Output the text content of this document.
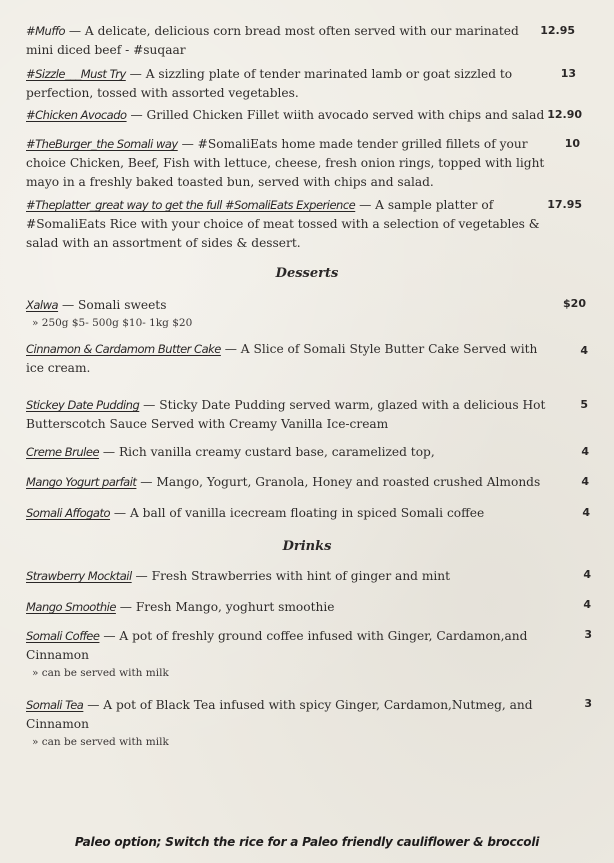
#Muffo — A delicate, delicious corn bread most often served with our marinated mini diced beef - #suqaar
12.95
#Sizzle___Must Try — A sizzling plate of tender marinated lamb or goat sizzled to perfection, tossed with assorted vegetables.
13
#Chicken Avocado — Grilled Chicken Fillet wiith avocado served with chips and salad 12.90
#TheBurger_the Somali way — #SomaliEats home made tender grilled fillets of your choice Chicken, Beef, Fish with lettuce, cheese, fresh onion rings, topped with light mayo in a freshly baked toasted bun, served with chips and salad.
10
#Theplatter_great way to get the full #SomaliEats Experience — A sample platter of #SomaliEats Rice with your choice of meat tossed with a selection of vegetables & salad with an assortment of sides & dessert.
17.95
Desserts
Xalwa — Somali sweets	$20
» 250g $5- 500g $10- 1kg $20
Cinnamon & Cardamom Butter Cake — A Slice of Somali Style Butter Cake Served with ice cream.
4
Stickey Date Pudding — Sticky Date Pudding served warm, glazed with a delicious Hot Butterscotch Sauce Served with Creamy Vanilla Ice-cream
5
Creme Brulee — Rich vanilla creamy custard base, caramelized top,	4
Mango Yogurt parfait — Mango, Yogurt, Granola, Honey and roasted crushed Almonds	4
Somali Affogato — A ball of vanilla icecream floating in spiced Somali coffee	4
Drinks
Strawberry Mocktail — Fresh Strawberries with hint of ginger and mint	4
Mango Smoothie — Fresh Mango, yoghurt smoothie	4
Somali Coffee — A pot of freshly ground coffee infused with Ginger, Cardamon,and Cinnamon
3
» can be served with milk
Somali Tea — A pot of Black Tea infused with spicy Ginger, Cardamon,Nutmeg, and Cinnamon
3
» can be served with milk
Paleo option; Switch the rice for a Paleo friendly cauliflower & broccoli
